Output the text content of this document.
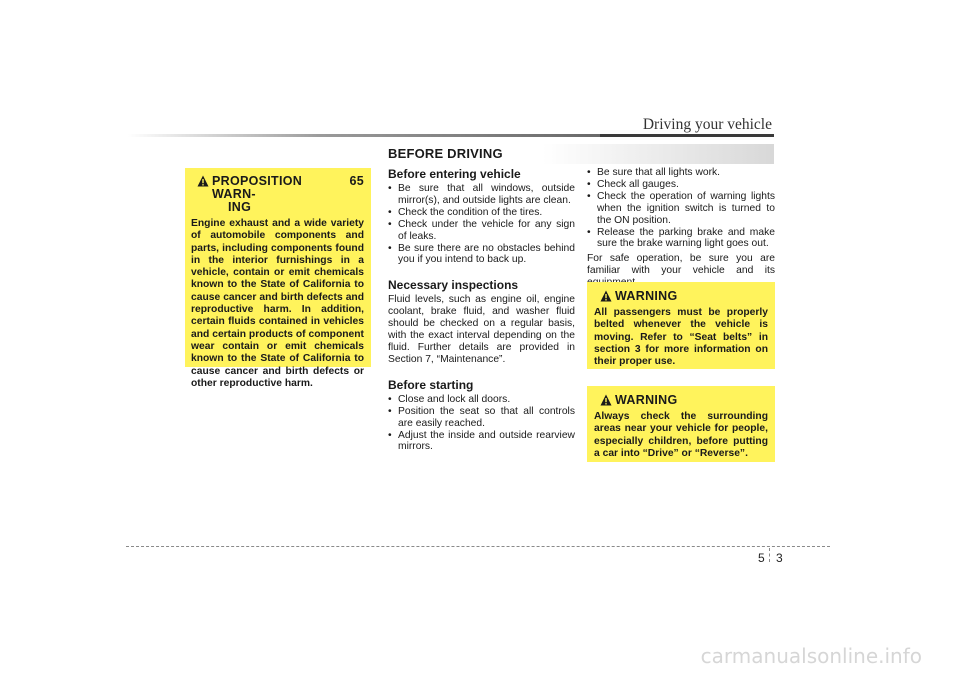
Driving your vehicle
BEFORE DRIVING
PROPOSITION 65 WARN-
ING
Engine exhaust and a wide variety of automobile components and parts, including components found in the interior furnishings in a vehicle, contain or emit chemicals known to the State of California to cause cancer and birth defects and reproductive harm. In addition, certain fluids contained in vehicles and certain products of component wear contain or emit chemicals known to the State of California to cause cancer and birth defects or other reproductive harm.
Before entering vehicle
• Be sure that all windows, outside mirror(s), and outside lights are clean.
• Check the condition of the tires.
• Check under the vehicle for any sign of leaks.
• Be sure there are no obstacles behind you if you intend to back up.
Necessary inspections

Fluid levels, such as engine oil, engine coolant, brake fluid, and washer fluid should be checked on a regular basis, with the exact interval depending on the fluid. Further details are provided in Section 7, “Maintenance”.

Before starting
• Close and lock all doors.
• Position the seat so that all controls are easily reached.
• Adjust the inside and outside rearview mirrors.
• Be sure that all lights work.
• Check all gauges.
• Check the operation of warning lights when the ignition switch is turned to the ON position.
• Release the parking brake and make sure the brake warning light goes out.

For safe operation, be sure you are familiar with your vehicle and its

WARNING
All passengers must be properly belted whenever the vehicle is moving. Refer to “Seat belts” in section 3 for more information on their proper use.
WARNING
Always check the surrounding areas near your vehicle for people, especially children, before putting a car into “Drive” or “Reverse”.
5 3
carmanualsonline.info
